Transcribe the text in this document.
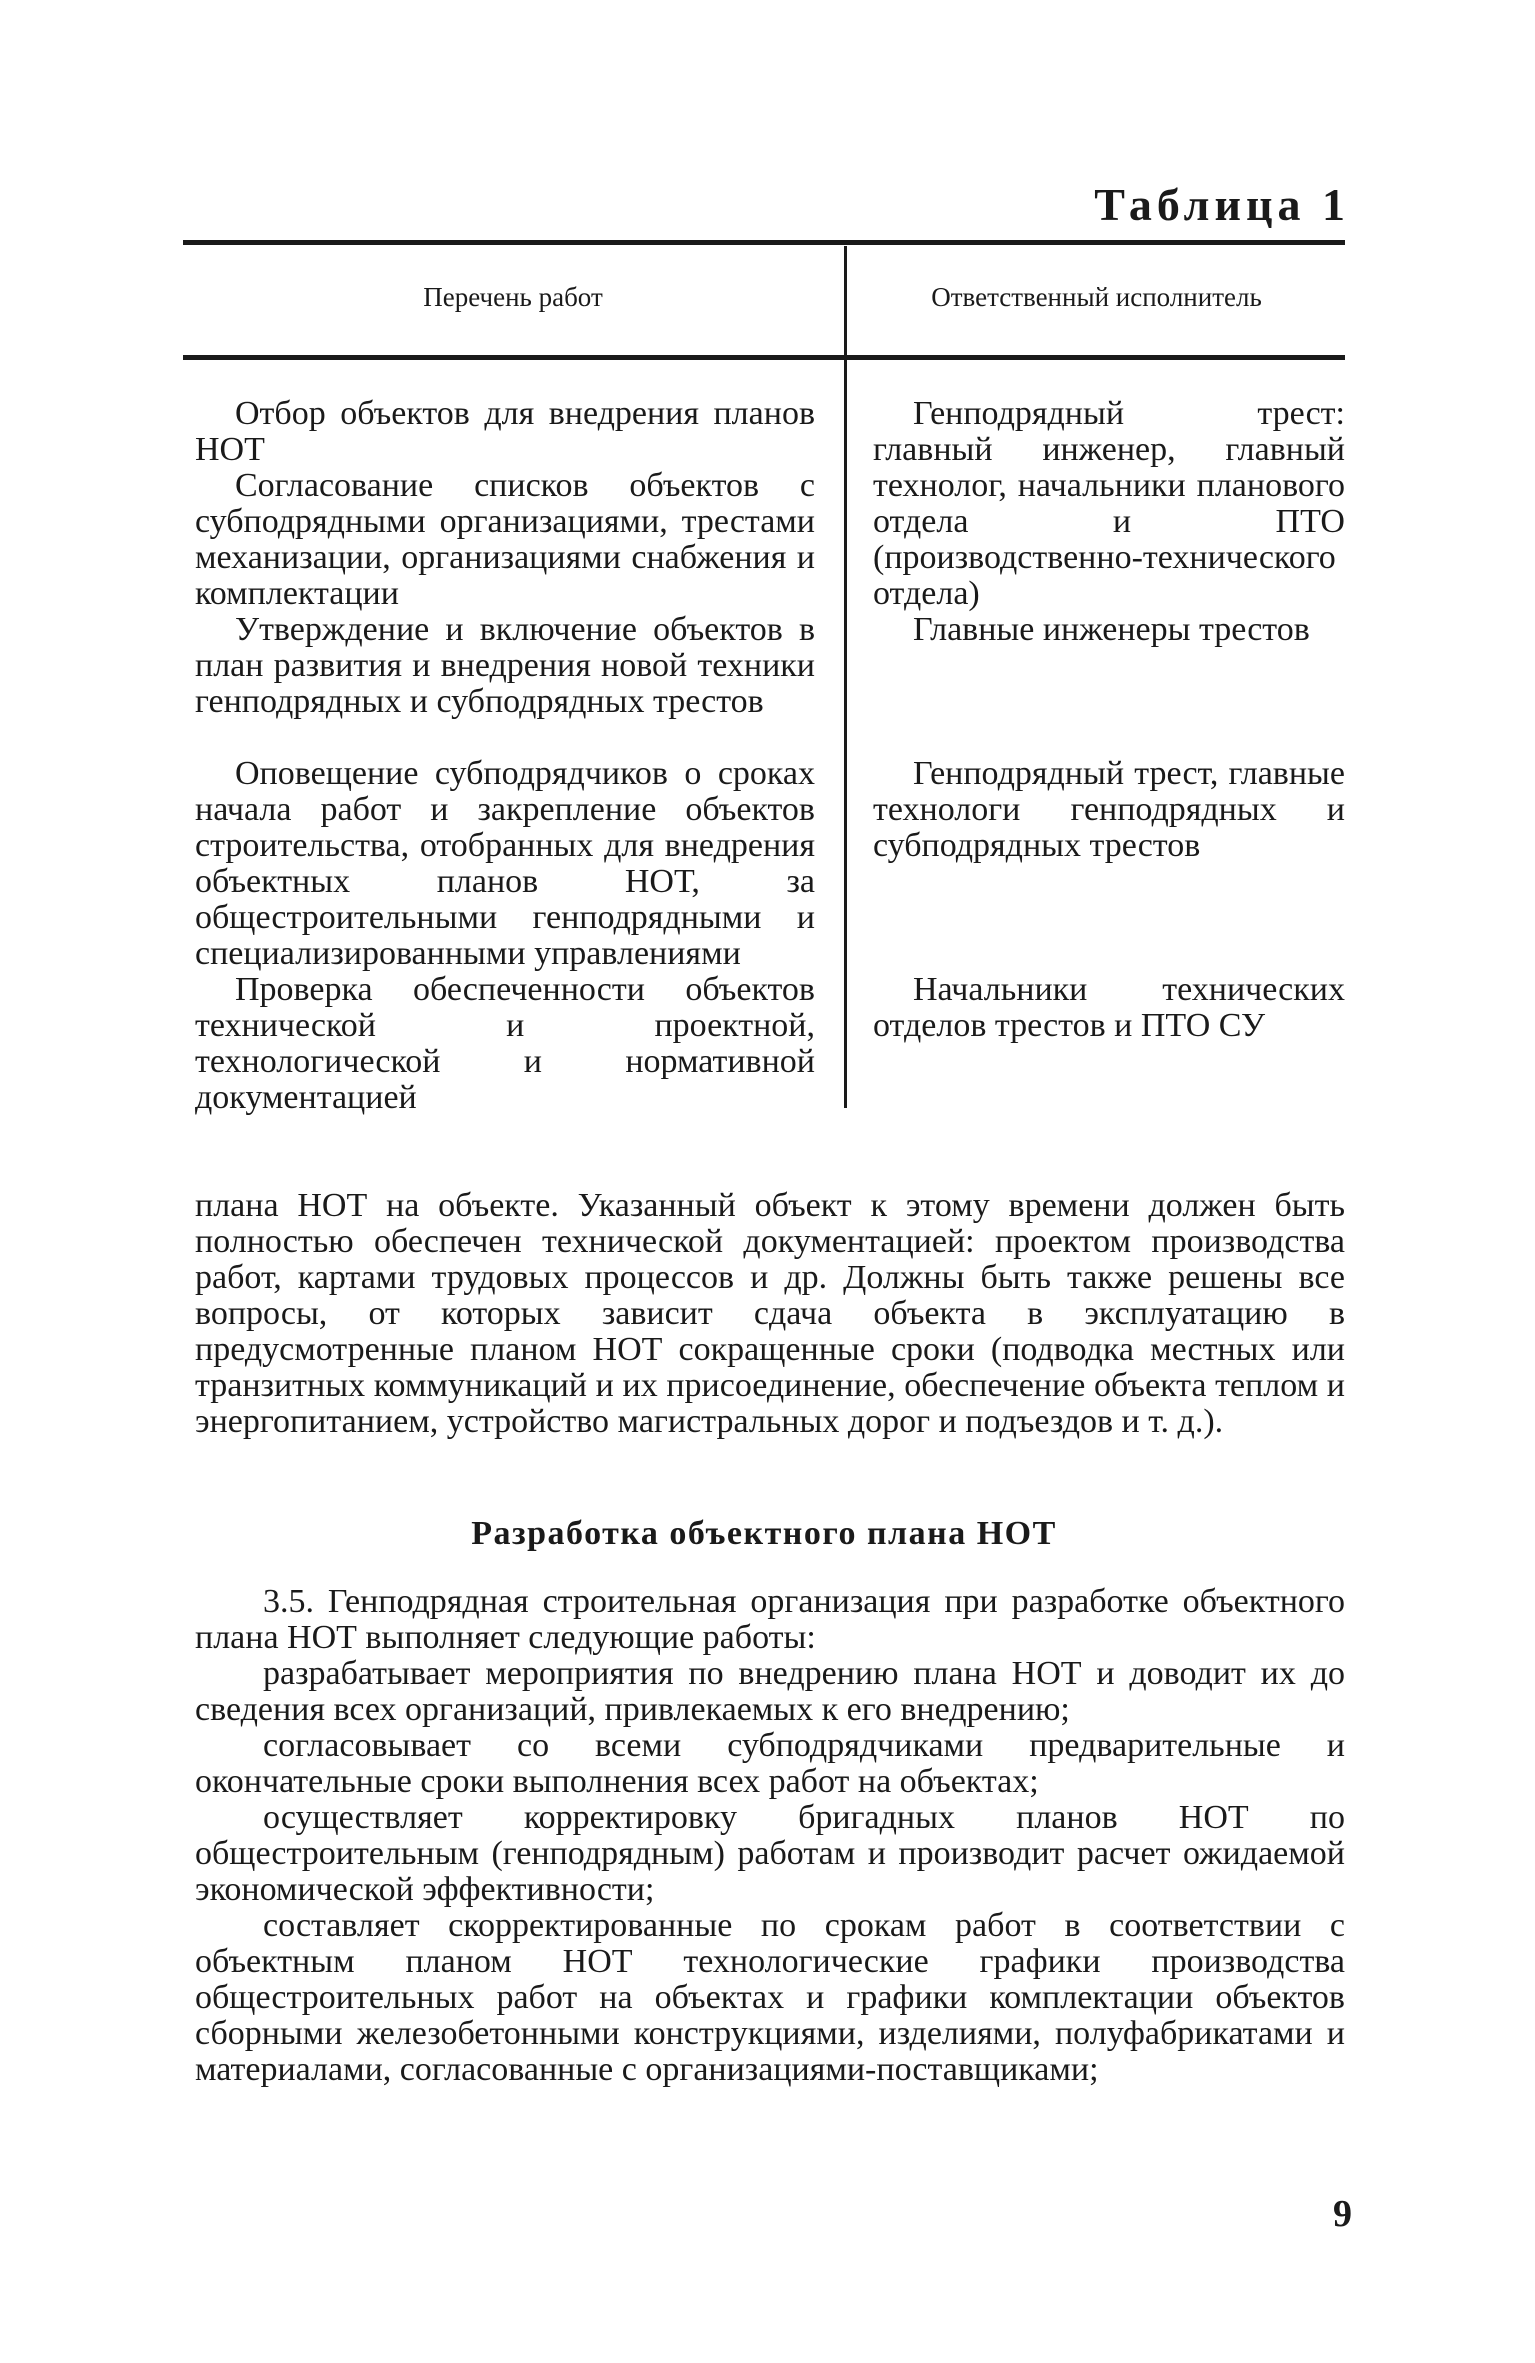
Таблица 1
Перечень работ	Ответственный исполнитель

Отбор объектов для внедрения планов НОТ

Согласование списков объектов с субподрядными организациями, трестами механизации, организациями снабжения и комплектации

Утверждение и включение объектов в план развития и внедрения новой техники генподрядных и субподрядных трестов

Оповещение субподрядчиков о сроках начала работ и закрепление объектов строительства, отобранных для внедрения объектных планов НОТ, за общестроительными генподрядными и специализированными управлениями

Проверка обеспеченности объектов технической и проектной, технологической и нормативной документацией

Генподрядный трест: главный инженер, главный технолог, начальники планового отдела и ПТО (производственно-технического отдела)

Главные инженеры трестов

Генподрядный трест, главные технологи генподрядных и субподрядных трестов

Начальники технических отделов трестов и ПТО СУ

плана НОТ на объекте. Указанный объект к этому времени должен быть полностью обеспечен технической документацией: проектом производства работ, картами трудовых процессов и др. Должны быть также решены все вопросы, от которых зависит сдача объекта в эксплуатацию в предусмотренные планом НОТ сокращенные сроки (подводка местных или транзитных коммуникаций и их присоединение, обеспечение объекта теплом и энергопитанием, устройство магистральных дорог и подъездов и т. д.).

Разработка объектного плана НОТ

3.5. Генподрядная строительная организация при разработке объектного плана НОТ выполняет следующие работы:

разрабатывает мероприятия по внедрению плана НОТ и доводит их до сведения всех организаций, привлекаемых к его внедрению;

согласовывает со всеми субподрядчиками предварительные и окончательные сроки выполнения всех работ на объектах;

осуществляет корректировку бригадных планов НОТ по общестроительным (генподрядным) работам и производит расчет ожидаемой экономической эффективности;

составляет скорректированные по срокам работ в соответствии с объектным планом НОТ технологические графики производства общестроительных работ на объектах и графики комплектации объектов сборными железобетонными конструкциями, изделиями, полуфабрикатами и материалами, согласованные с организациями-поставщиками;

9
